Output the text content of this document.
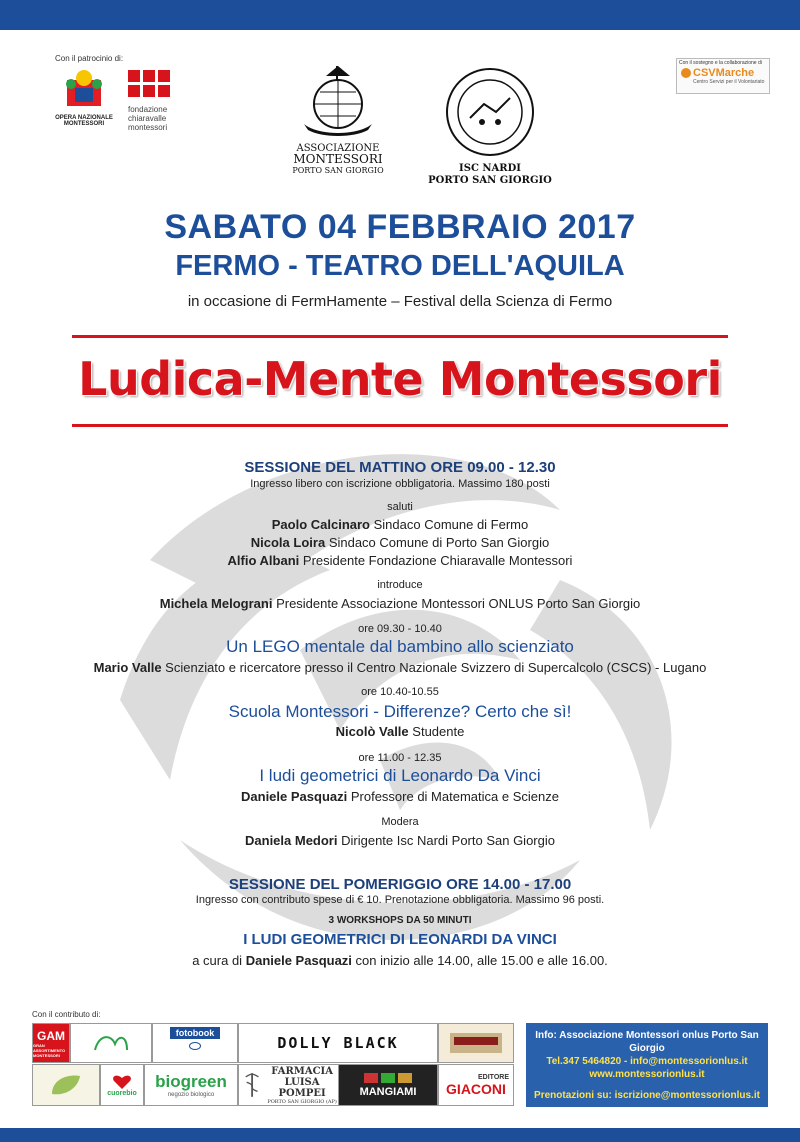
Con il patrocinio di:
OPERA NAZIONALE MONTESSORI
fondazione
chiaravalle
montessori
ASSOCIAZIONE
MONTESSORI
PORTO SAN GIORGIO	ISC NARDI
PORTO SAN GIORGIO
Con il sostegno e la collaborazione di
CSVMarche
Centro Servizi per il Volontariato
SABATO 04 FEBBRAIO 2017
FERMO - TEATRO DELL'AQUILA
in occasione di FermHamente – Festival della Scienza di Fermo
Ludica-Mente Montessori
SESSIONE DEL MATTINO ORE 09.00 - 12.30
Ingresso libero con iscrizione obbligatoria. Massimo 180 posti
saluti
Paolo Calcinaro Sindaco Comune di Fermo
Nicola Loira Sindaco Comune di Porto San Giorgio
Alfio Albani Presidente Fondazione Chiaravalle Montessori
introduce
Michela Melograni Presidente Associazione Montessori ONLUS Porto San Giorgio
ore 09.30 - 10.40
Un LEGO mentale dal bambino allo scienziato
Mario Valle Scienziato e ricercatore presso il Centro Nazionale Svizzero di Supercalcolo (CSCS) - Lugano
ore 10.40-10.55
Scuola Montessori - Differenze? Certo che sì!
Nicolò Valle Studente
ore 11.00 - 12.35
I ludi geometrici di Leonardo Da Vinci
Daniele Pasquazi Professore di Matematica e Scienze
Modera
Daniela Medori Dirigente Isc Nardi Porto San Giorgio
SESSIONE DEL POMERIGGIO ORE 14.00 - 17.00
Ingresso con contributo spese di € 10. Prenotazione obbligatoria. Massimo 96 posti.
3 WORKSHOPS DA 50 MINUTI
I LUDI GEOMETRICI DI LEONARDI DA VINCI
a cura di Daniele Pasquazi con inizio alle 14.00, alle 15.00 e alle 16.00.
Con il contributo di:
GAM
GRAN ASSORTIMENTO MONTESSORI
fotobook
DOLLY BLACK
cuorebio
biogreen
negozio biologico
FARMACIA
LUISA POMPEI
PORTO SAN GIORGIO (AP)
MANGIAMI
EDITORE
GIACONI
Info: Associazione Montessori onlus Porto San Giorgio
Tel.347 5464820 - info@montessorionlus.it
www.montessorionlus.it
Prenotazioni su: iscrizione@montessorionlus.it
